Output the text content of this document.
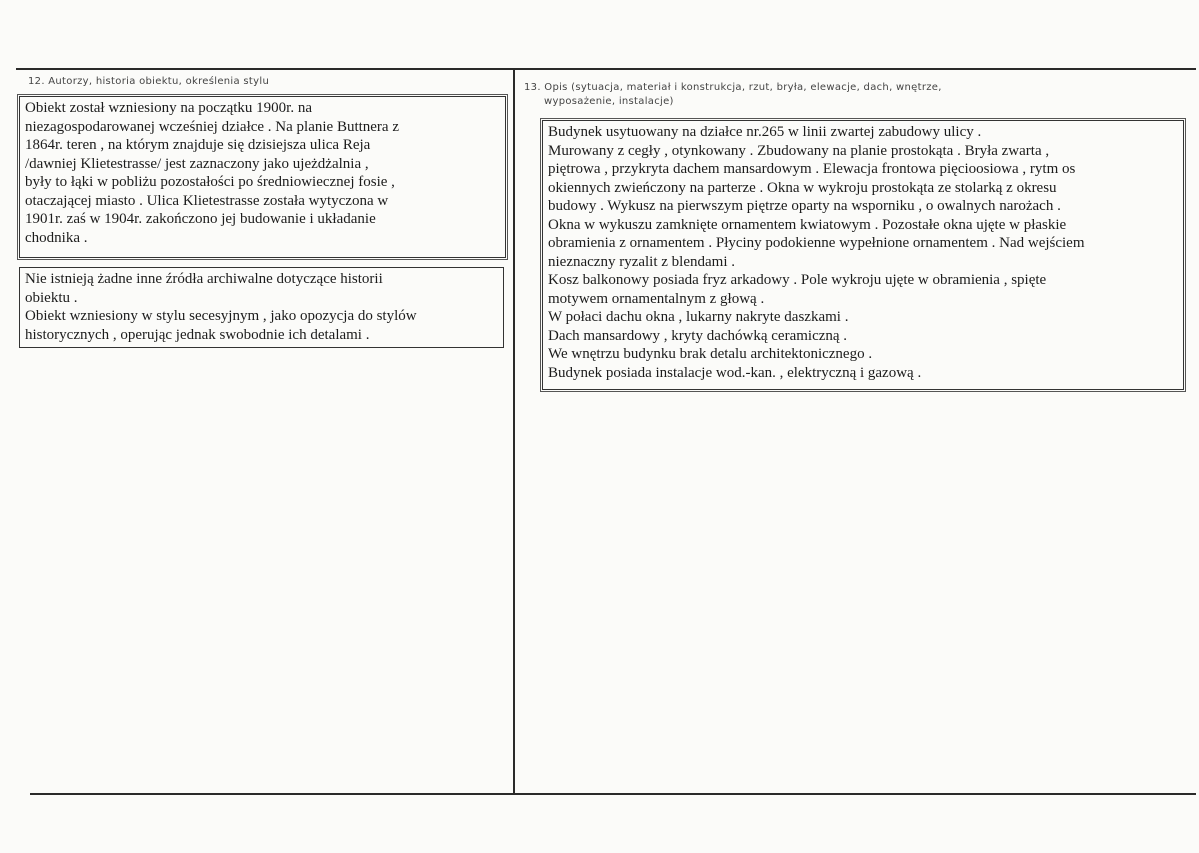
12. Autorzy, historia obiektu, określenia stylu
Obiekt został wzniesiony na początku 1900r. na
niezagospodarowanej wcześniej działce . Na planie Buttnera z
1864r. teren , na którym znajduje się dzisiejsza ulica Reja
/dawniej Klietestrasse/ jest zaznaczony jako ujeżdżalnia ,
były to łąki w pobliżu pozostałości po średniowiecznej fosie ,
otaczającej miasto . Ulica Klietestrasse została wytyczona w
1901r. zaś w 1904r. zakończono jej budowanie i układanie
chodnika .
Nie istnieją żadne inne źródła archiwalne dotyczące historii
obiektu .
Obiekt wzniesiony w stylu secesyjnym , jako opozycja do stylów
historycznych , operując jednak swobodnie ich detalami .
13. Opis (sytuacja, materiał i konstrukcja, rzut, bryła, elewacje, dach, wnętrze,
wyposażenie, instalacje)
Budynek usytuowany na działce nr.265 w linii zwartej zabudowy ulicy .
Murowany z cegły , otynkowany . Zbudowany na planie prostokąta . Bryła zwarta ,
piętrowa , przykryta dachem mansardowym . Elewacja frontowa pięcioosiowa , rytm os
okiennych zwieńczony na parterze . Okna w wykroju prostokąta ze stolarką z okresu
budowy . Wykusz na pierwszym piętrze oparty na wsporniku , o owalnych narożach .
Okna w wykuszu zamknięte ornamentem kwiatowym . Pozostałe okna ujęte w płaskie
obramienia z ornamentem . Płyciny podokienne wypełnione ornamentem . Nad wejściem
nieznaczny ryzalit z blendami .
Kosz balkonowy posiada fryz arkadowy . Pole wykroju ujęte w obramienia , spięte
motywem ornamentalnym z głową .
W połaci dachu okna , lukarny nakryte daszkami .
Dach mansardowy , kryty dachówką ceramiczną .
We wnętrzu budynku brak detalu architektonicznego .
Budynek posiada instalacje wod.-kan. , elektryczną i gazową .
